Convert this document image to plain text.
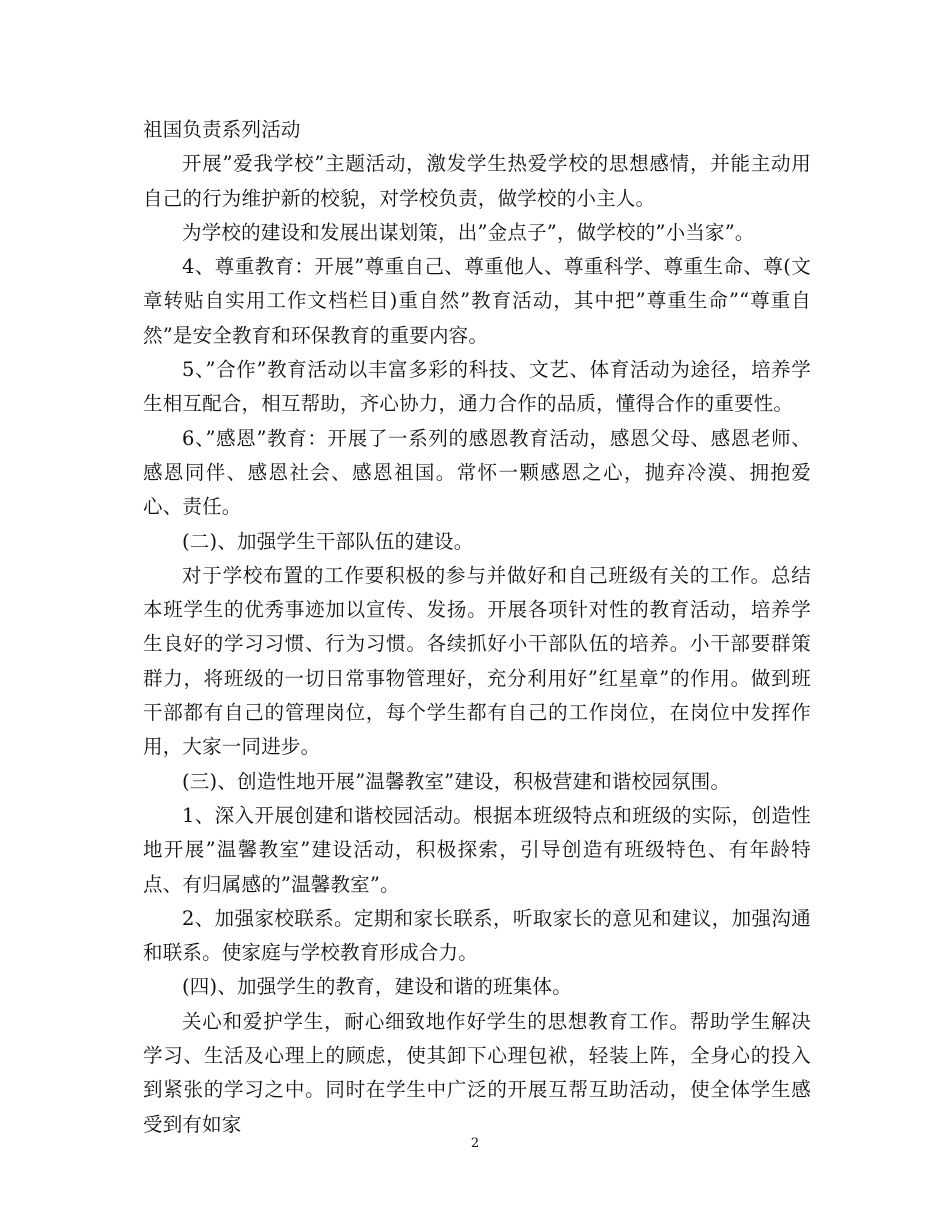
祖国负责系列活动

开展”爱我学校”主题活动，激发学生热爱学校的思想感情，并能主动用自己的行为维护新的校貌，对学校负责，做学校的小主人。

为学校的建设和发展出谋划策，出”金点子”，做学校的”小当家”。

4、尊重教育：开展”尊重自己、尊重他人、尊重科学、尊重生命、尊(文章转贴自实用工作文档栏目)重自然”教育活动，其中把”尊重生命”“尊重自然”是安全教育和环保教育的重要内容。

5、”合作”教育活动以丰富多彩的科技、文艺、体育活动为途径，培养学生相互配合，相互帮助，齐心协力，通力合作的品质，懂得合作的重要性。

6、”感恩”教育：开展了一系列的感恩教育活动，感恩父母、感恩老师、感恩同伴、感恩社会、感恩祖国。常怀一颗感恩之心，抛弃冷漠、拥抱爱心、责任。

(二)、加强学生干部队伍的建设。

对于学校布置的工作要积极的参与并做好和自己班级有关的工作。总结本班学生的优秀事迹加以宣传、发扬。开展各项针对性的教育活动，培养学生良好的学习习惯、行为习惯。各续抓好小干部队伍的培养。小干部要群策群力，将班级的一切日常事物管理好，充分利用好”红星章”的作用。做到班干部都有自己的管理岗位，每个学生都有自己的工作岗位，在岗位中发挥作用，大家一同进步。

(三)、创造性地开展”温馨教室”建设，积极营建和谐校园氛围。

1、深入开展创建和谐校园活动。根据本班级特点和班级的实际，创造性地开展”温馨教室”建设活动，积极探索，引导创造有班级特色、有年龄特点、有归属感的”温馨教室”。

2、加强家校联系。定期和家长联系，听取家长的意见和建议，加强沟通和联系。使家庭与学校教育形成合力。

(四)、加强学生的教育，建设和谐的班集体。

关心和爱护学生，耐心细致地作好学生的思想教育工作。帮助学生解决学习、生活及心理上的顾虑，使其卸下心理包袱，轻装上阵，全身心的投入到紧张的学习之中。同时在学生中广泛的开展互帮互助活动，使全体学生感受到有如家

2
